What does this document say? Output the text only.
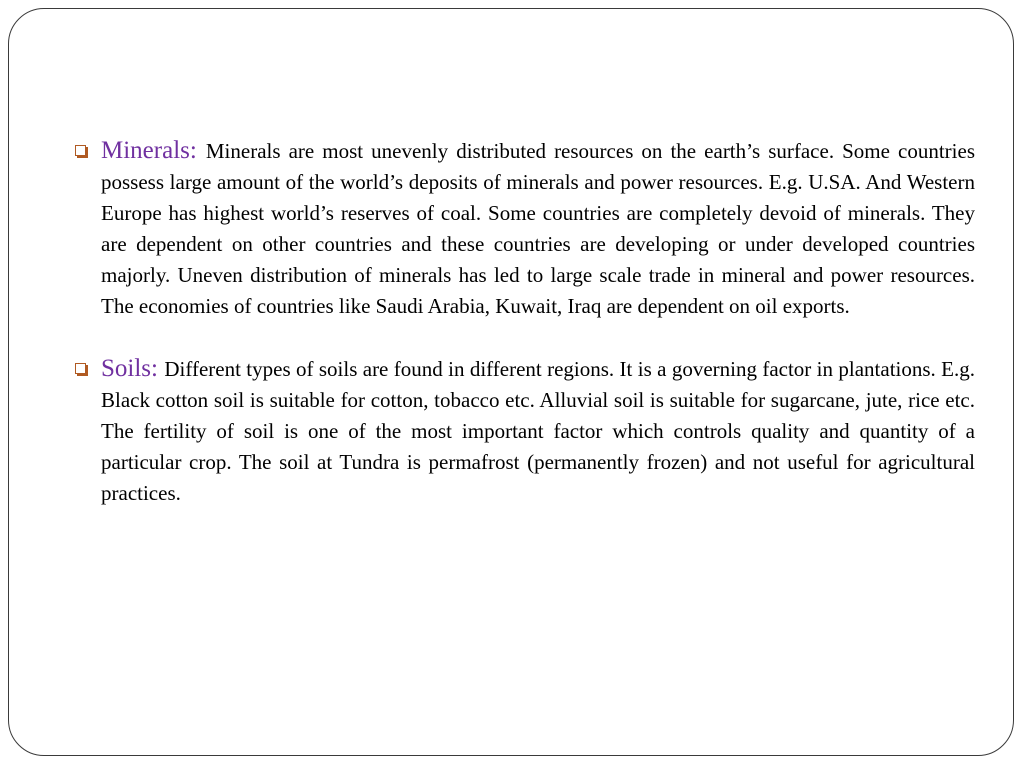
Minerals: Minerals are most unevenly distributed resources on the earth’s surface. Some countries possess large amount of the world’s deposits of minerals and power resources. E.g. U.SA. And Western Europe has highest world’s reserves of coal. Some countries are completely devoid of minerals. They are dependent on other countries and these countries are developing or under developed countries majorly. Uneven distribution of minerals has led to large scale trade in mineral and power resources. The economies of countries like Saudi Arabia, Kuwait, Iraq are dependent on oil exports.
Soils: Different types of soils are found in different regions. It is a governing factor in plantations. E.g. Black cotton soil is suitable for cotton, tobacco etc. Alluvial soil is suitable for sugarcane, jute, rice etc. The fertility of soil is one of the most important factor which controls quality and quantity of a particular crop. The soil at Tundra is permafrost (permanently frozen) and not useful for agricultural practices.
